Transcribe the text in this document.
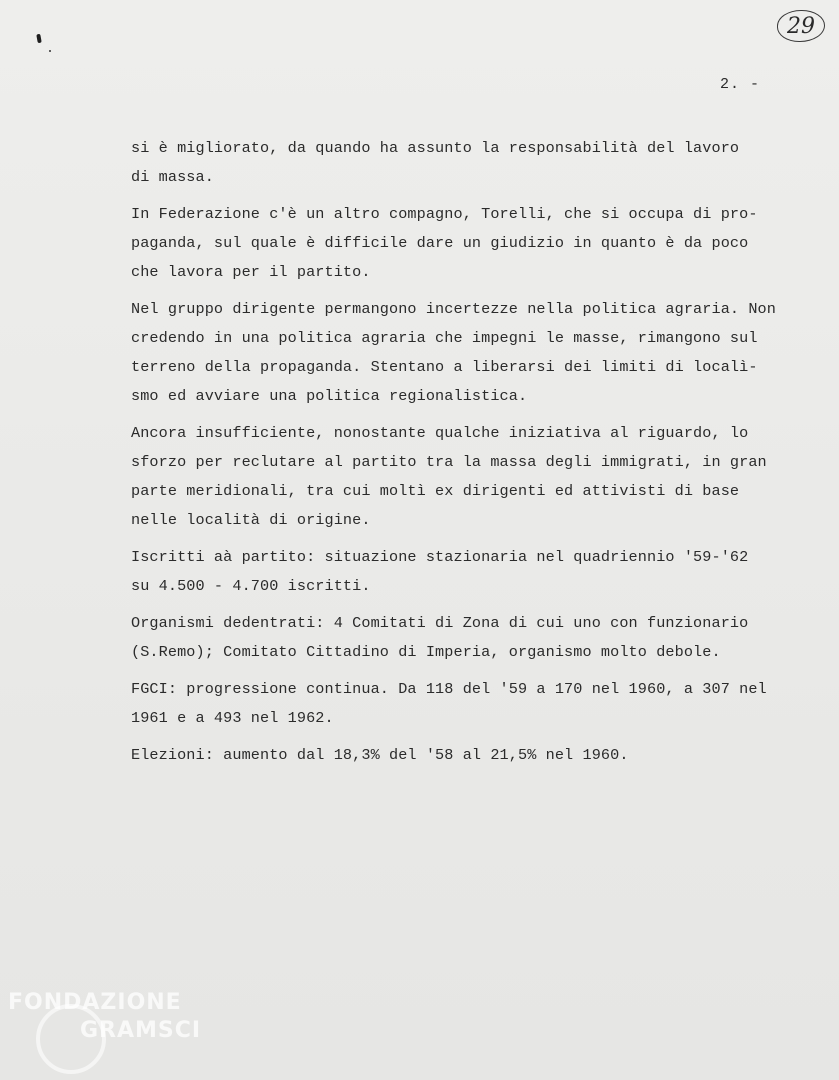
29
2. -
si è migliorato, da quando ha assunto la responsabilità del lavoro
di massa.
In Federazione c'è un altro compagno, Torelli, che si occupa di pro-
paganda, sul quale è difficile dare un giudizio in quanto è da poco
che lavora per il partito.
Nel gruppo dirigente permangono incertezze nella politica agraria. Non
credendo in una politica agraria che impegni le masse, rimangono sul
terreno della propaganda. Stentano a liberarsi dei limiti di localì-
smo ed avviare una politica regionalistica.
Ancora insufficiente, nonostante qualche iniziativa al riguardo, lo
sforzo per reclutare al partito tra la massa degli immigrati, in gran
parte meridionali, tra cui moltì ex dirigenti ed attivisti di base
nelle località di origine.
Iscritti aà partito: situazione stazionaria nel quadriennio '59-'62
su 4.500 - 4.700 iscritti.
Organismi dedentrati: 4 Comitati di Zona di cui uno con funzionario
(S.Remo); Comitato Cittadino di Imperia, organismo molto debole.
FGCI: progressione continua. Da 118 del '59 a 170 nel 1960, a 307 nel
1961 e a 493 nel 1962.
Elezioni: aumento dal 18,3% del '58 al 21,5% nel 1960.
FONDAZIONE
GRAMSCI
